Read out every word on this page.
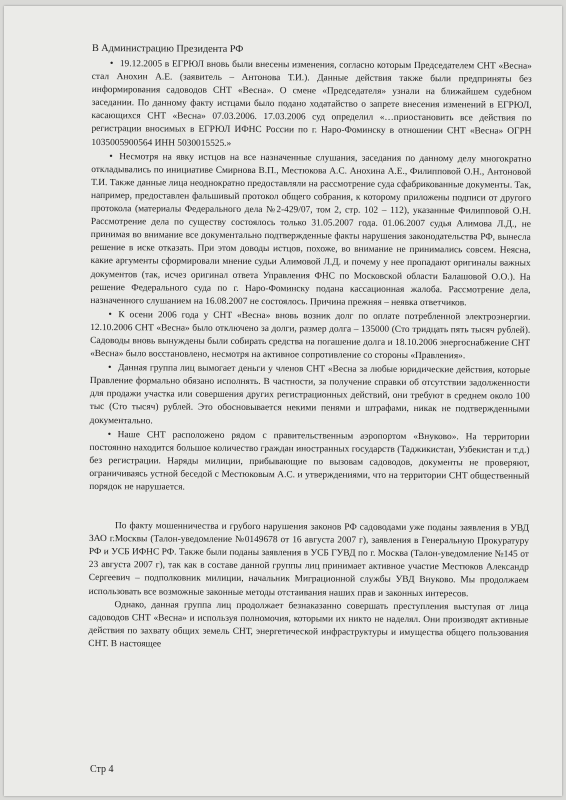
В Администрацию Президента РФ

• 19.12.2005 в ЕГРЮЛ вновь были внесены изменения, согласно которым Председателем СНТ «Весна» стал Анохин А.Е. (заявитель – Антонова Т.И.). Данные действия также были предприняты без информирования садоводов СНТ «Весна». О смене «Председателя» узнали на ближайшем судебном заседании. По данному факту истцами было подано ходатайство о запрете внесения изменений в ЕГРЮЛ, касающихся СНТ «Весна» 07.03.2006. 17.03.2006 суд определил «…приостановить все действия по регистрации вносимых в ЕГРЮЛ ИФНС России по г. Наро-Фоминску в отношении СНТ «Весна» ОГРН 1035005900564 ИНН 5030015525.»

• Несмотря на явку истцов на все назначенные слушания, заседания по данному делу многократно откладывались по инициативе Смирнова В.П., Местюкова А.С. Анохина А.Е., Филипповой О.Н., Антоновой Т.И. Также данные лица неоднократно предоставляли на рассмотрение суда сфабрикованные документы. Так, например, предоставлен фальшивый протокол общего собрания, к которому приложены подписи от другого протокола (материалы Федерального дела №2-429/07, том 2, стр. 102 – 112), указанные Филипповой О.Н. Рассмотрение дела по существу состоялось только 31.05.2007 года. 01.06.2007 судья Алимова Л.Д., не принимая во внимание все документально подтвержденные факты нарушения законодательства РФ, вынесла решение в иске отказать. При этом доводы истцов, похоже, во внимание не принимались совсем. Неясна, какие аргументы сформировали мнение судьи Алимовой Л.Д. и почему у нее пропадают оригиналы важных документов (так, исчез оригинал ответа Управления ФНС по Московской области Балашовой О.О.). На решение Федерального суда по г. Наро-Фоминску подана кассационная жалоба. Рассмотрение дела, назначенного слушанием на 16.08.2007 не состоялось. Причина прежняя – неявка ответчиков.

• К осени 2006 года у СНТ «Весна» вновь возник долг по оплате потребленной электроэнергии. 12.10.2006 СНТ «Весна» было отключено за долги, размер долга – 135000 (Сто тридцать пять тысяч рублей). Садоводы вновь вынуждены были собирать средства на погашение долга и 18.10.2006 энергоснабжение СНТ «Весна» было восстановлено, несмотря на активное сопротивление со стороны «Правления».

• Данная группа лиц вымогает деньги у членов СНТ «Весна за любые юридические действия, которые Правление формально обязано исполнять. В частности, за получение справки об отсутствии задолженности для продажи участка или совершения других регистрационных действий, они требуют в среднем около 100 тыс (Сто тысяч) рублей. Это обосновывается некими пенями и штрафами, никак не подтвержденными документально.

• Наше СНТ расположено рядом с правительственным аэропортом «Внуково». На территории постоянно находится большое количество граждан иностранных государств (Таджикистан, Узбекистан и т.д.) без регистрации. Наряды милиции, прибывающие по вызовам садоводов, документы не проверяют, ограничиваясь устной беседой с Местюковым А.С. и утверждениями, что на территории СНТ общественный порядок не нарушается.

По факту мошенничества и грубого нарушения законов РФ садоводами уже поданы заявления в УВД ЗАО г.Москвы (Талон-уведомление №0149678 от 16 августа 2007 г), заявления в Генеральную Прокуратуру РФ и УСБ ИФНС РФ. Также были поданы заявления в УСБ ГУВД по г. Москва (Талон-уведомление №145 от 23 августа 2007 г), так как в составе данной группы лиц принимает активное участие Местюков Александр Сергеевич – подполковник милиции, начальник Миграционной службы УВД Внуково. Мы продолжаем использовать все возможные законные методы отстаивания наших прав и законных интересов.

Однако, данная группа лиц продолжает безнаказанно совершать преступления выступая от лица садоводов СНТ «Весна» и используя полномочия, которыми их никто не наделял. Они производят активные действия по захвату общих земель СНТ, энергетической инфраструктуры и имущества общего пользования СНТ. В настоящее

Стр 4
